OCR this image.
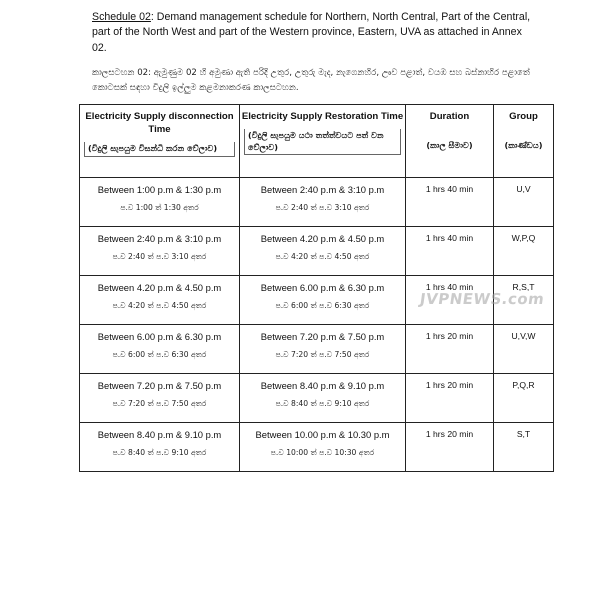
Schedule 02: Demand management schedule for Northern, North Central, Part of the Central, part of the North West and part of the Western province, Eastern, UVA as attached in Annex 02.
කාලසටහන 02: ඇමුණුම 02 හි අමුණා ඇති පරිදි උතුර, උතුරු මැද, නැගෙනහිර, ඌව පළාත්, වයඹ සහ බස්නාහිර පළාතේ කොටසක් සඳහා විදුලි ඉල්ලුම කළමනාකරණ කාලසටහන.
Electricity Supply disconnection Time
(විදුලි සැපයුම විසන්ධි කරන වේලාව)	Electricity Supply Restoration Time
(විදුලි සැපයුම යථා තත්ත්වයට පත් වන වේලාව)	Duration
(කාල සීමාව)	Group
(කාණ්ඩය)

Between 1:00 p.m & 1:30 p.m
ප.ව 1:00 ත් 1:30 අතර	Between 2:40 p.m & 3:10 p.m
ප.ව 2:40 ත් ප.ව 3:10 අතර	1 hrs 40 min	U,V

Between 2:40 p.m & 3:10 p.m
ප.ව 2:40 ත් ප.ව 3:10 අතර	Between 4.20 p.m & 4.50 p.m
ප.ව 4:20 ත් ප.ව 4:50 අතර	1 hrs 40 min	W,P,Q

Between 4.20 p.m & 4.50 p.m
ප.ව 4:20 ත් ප.ව 4:50 අතර	Between 6.00 p.m & 6.30 p.m
ප.ව 6:00 ත් ප.ව 6:30 අතර	1 hrs 40 min	R,S,T

Between 6.00 p.m & 6.30 p.m
ප.ව 6:00 ත් ප.ව 6:30 අතර	Between 7.20 p.m & 7.50 p.m
ප.ව 7:20 ත් ප.ව 7:50 අතර	1 hrs 20 min	U,V,W

Between 7.20 p.m & 7.50 p.m
ප.ව 7:20 ත් ප.ව 7:50 අතර	Between 8.40 p.m & 9.10 p.m
ප.ව 8:40 ත් ප.ව 9:10 අතර	1 hrs 20 min	P,Q,R

Between 8.40 p.m & 9.10 p.m
ප.ව 8:40 ත් ප.ව 9:10 අතර	Between 10.00 p.m & 10.30 p.m
ප.ව 10:00 ත් ප.ව 10:30 අතර	1 hrs 20 min	S,T
JVPNEWS.com
